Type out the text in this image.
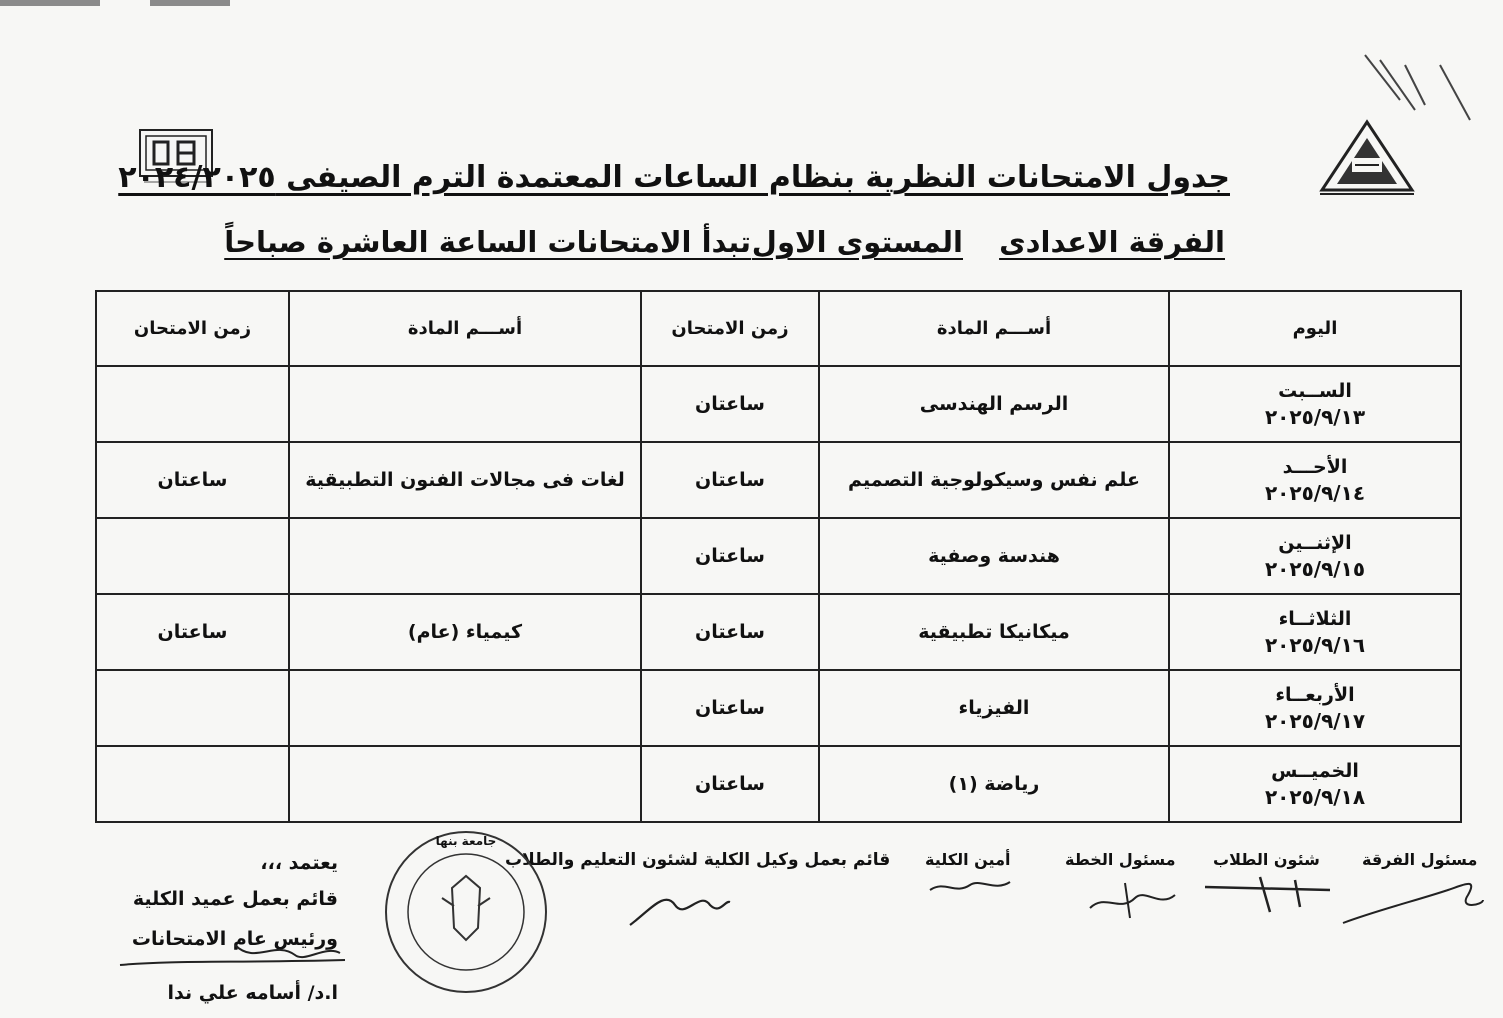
جدول الامتحانات النظرية بنظام الساعات المعتمدة الترم الصيفى ٢٠٢٤/٢٠٢٥
الفرقة الاعدادى
المستوى الاول
تبدأ الامتحانات الساعة العاشرة صباحاً
اليوم	أســـم المادة	زمن الامتحان	أســـم المادة	زمن الامتحان

الســبت
٢٠٢٥/٩/١٣	الرسم الهندسى	ساعتان		

الأحـــد
٢٠٢٥/٩/١٤	علم نفس وسيكولوجية التصميم	ساعتان	لغات فى مجالات الفنون التطبيقية	ساعتان

الإثنــين
٢٠٢٥/٩/١٥	هندسة وصفية	ساعتان		

الثلاثــاء
٢٠٢٥/٩/١٦	ميكانيكا تطبيقية	ساعتان	كيمياء (عام)	ساعتان

الأربعــاء
٢٠٢٥/٩/١٧	الفيزياء	ساعتان		

الخميــس
٢٠٢٥/٩/١٨	رياضة (١)	ساعتان		
مسئول الفرقة
شئون الطلاب
مسئول الخطة
أمين الكلية
قائم بعمل وكيل الكلية لشئون التعليم والطلاب
جامعة بنها
يعتمد ،،،
قائم بعمل عميد الكلية
ورئيس عام الامتحانات
ا.د/ أسامه علي ندا
